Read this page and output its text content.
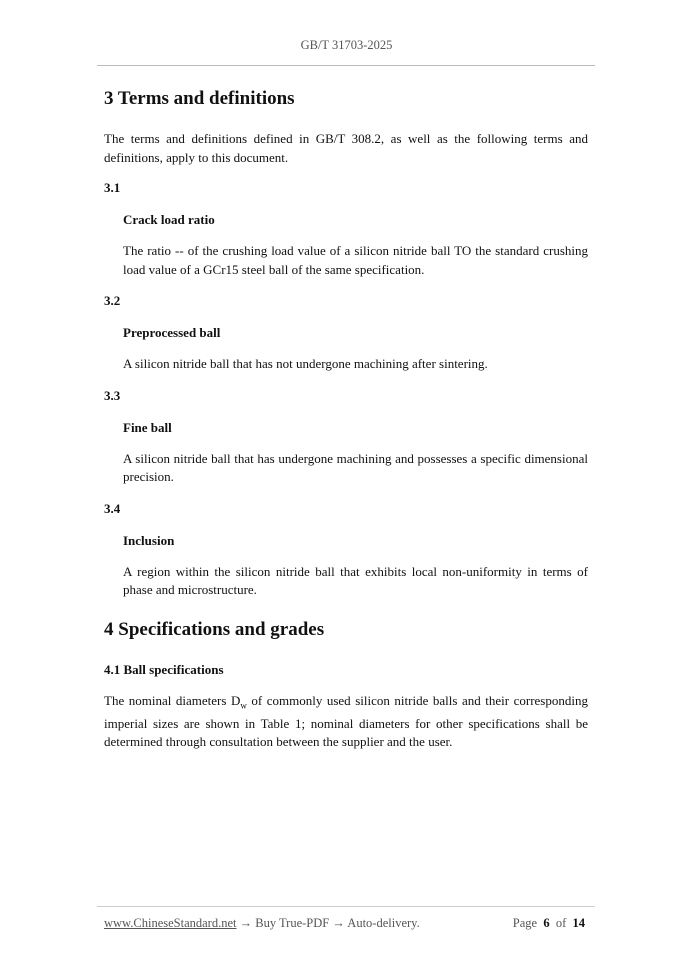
GB/T 31703-2025
3 Terms and definitions

The terms and definitions defined in GB/T 308.2, as well as the following terms and definitions, apply to this document.

3.1
Crack load ratio

The ratio -- of the crushing load value of a silicon nitride ball TO the standard crushing load value of a GCr15 steel ball of the same specification.

3.2
Preprocessed ball

A silicon nitride ball that has not undergone machining after sintering.

3.3
Fine ball

A silicon nitride ball that has undergone machining and possesses a specific dimensional precision.

3.4
Inclusion

A region within the silicon nitride ball that exhibits local non-uniformity in terms of phase and microstructure.

4 Specifications and grades
4.1 Ball specifications

The nominal diameters $D_w$ of commonly used silicon nitride balls and their corresponding imperial sizes are shown in Table 1; nominal diameters for other specifications shall be determined through consultation between the supplier and the user.

www.ChineseStandard.net → Buy True-PDF → Auto-delivery.	Page 6 of 14
